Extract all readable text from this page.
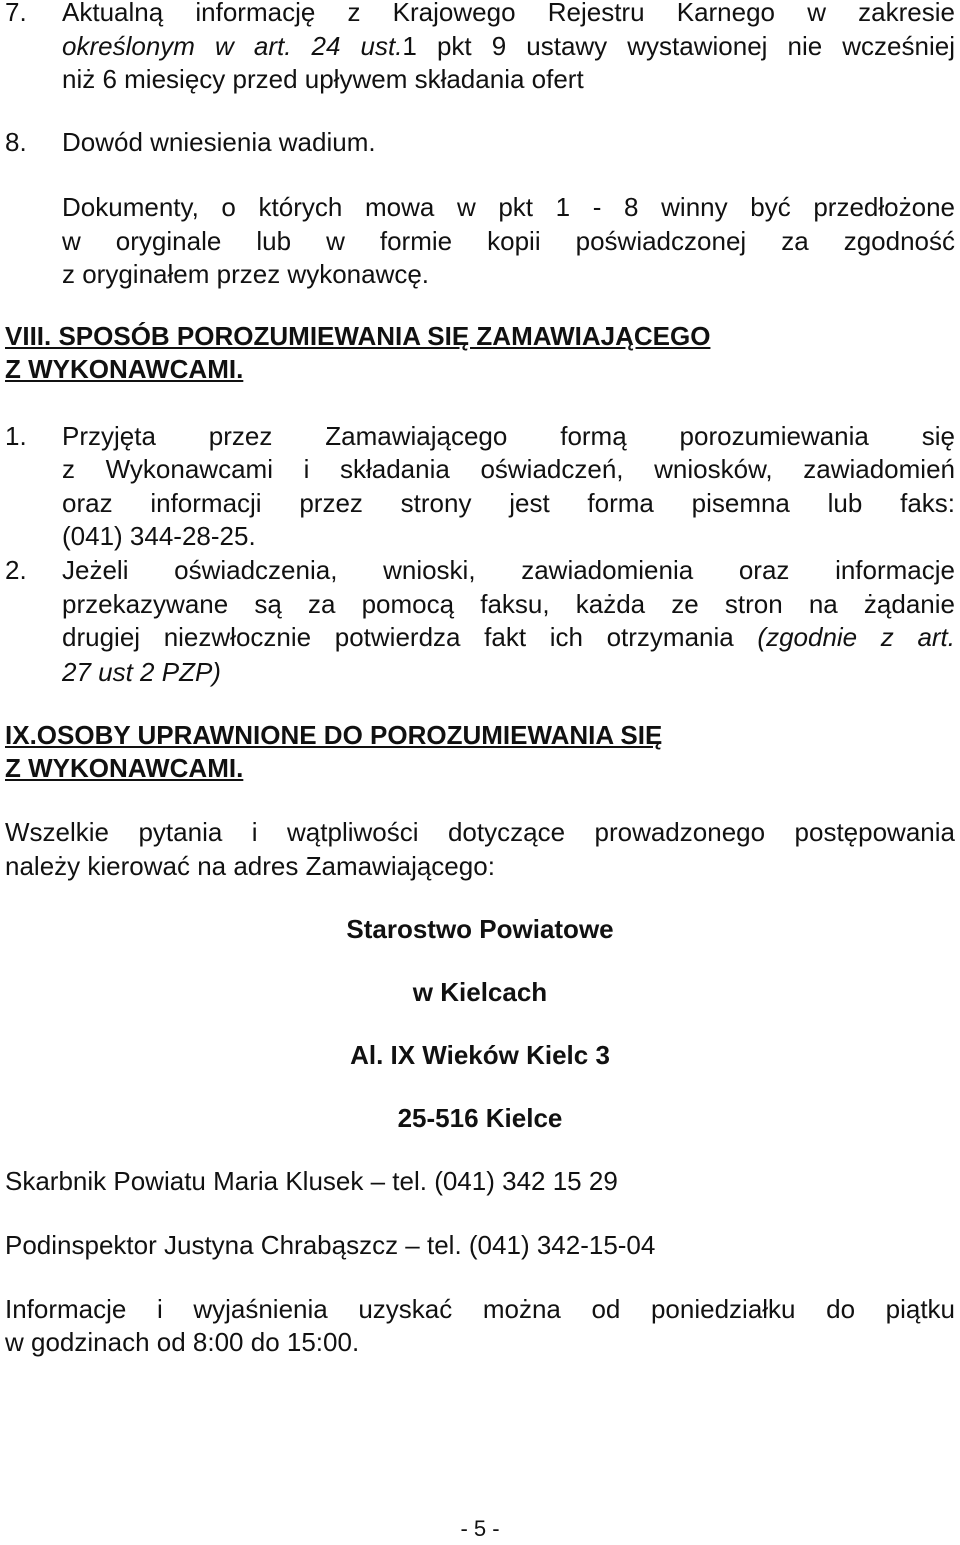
7. Aktualną informację z Krajowego Rejestru Karnego w zakresie
określonym w art. 24 ust.1 pkt 9 ustawy wystawionej nie wcześniej
niż 6 miesięcy przed upływem składania ofert
8. Dowód wniesienia wadium.
Dokumenty, o których mowa w pkt 1 - 8 winny być przedłożone
w oryginale lub w formie kopii poświadczonej za zgodność
z oryginałem przez wykonawcę.
VIII. SPOSÓB POROZUMIEWANIA SIĘ ZAMAWIAJĄCEGO
Z WYKONAWCAMI.
1. Przyjęta przez Zamawiającego formą porozumiewania się
z Wykonawcami i składania oświadczeń, wniosków, zawiadomień
oraz informacji przez strony jest forma pisemna lub faks:
(041) 344-28-25.
2. Jeżeli oświadczenia, wnioski, zawiadomienia oraz informacje
przekazywane są za pomocą faksu, każda ze stron na żądanie
drugiej niezwłocznie potwierdza fakt ich otrzymania (zgodnie z art.
27 ust 2 PZP)
IX.OSOBY UPRAWNIONE DO POROZUMIEWANIA SIĘ
Z WYKONAWCAMI.
Wszelkie pytania i wątpliwości dotyczące prowadzonego postępowania
należy kierować na adres Zamawiającego:
Starostwo Powiatowe
w Kielcach
Al. IX Wieków Kielc 3
25-516 Kielce
Skarbnik Powiatu Maria Klusek – tel. (041) 342 15 29
Podinspektor Justyna Chrabąszcz – tel. (041) 342-15-04
Informacje i wyjaśnienia uzyskać można od poniedziałku do piątku
w godzinach od 8:00 do 15:00.
- 5 -
